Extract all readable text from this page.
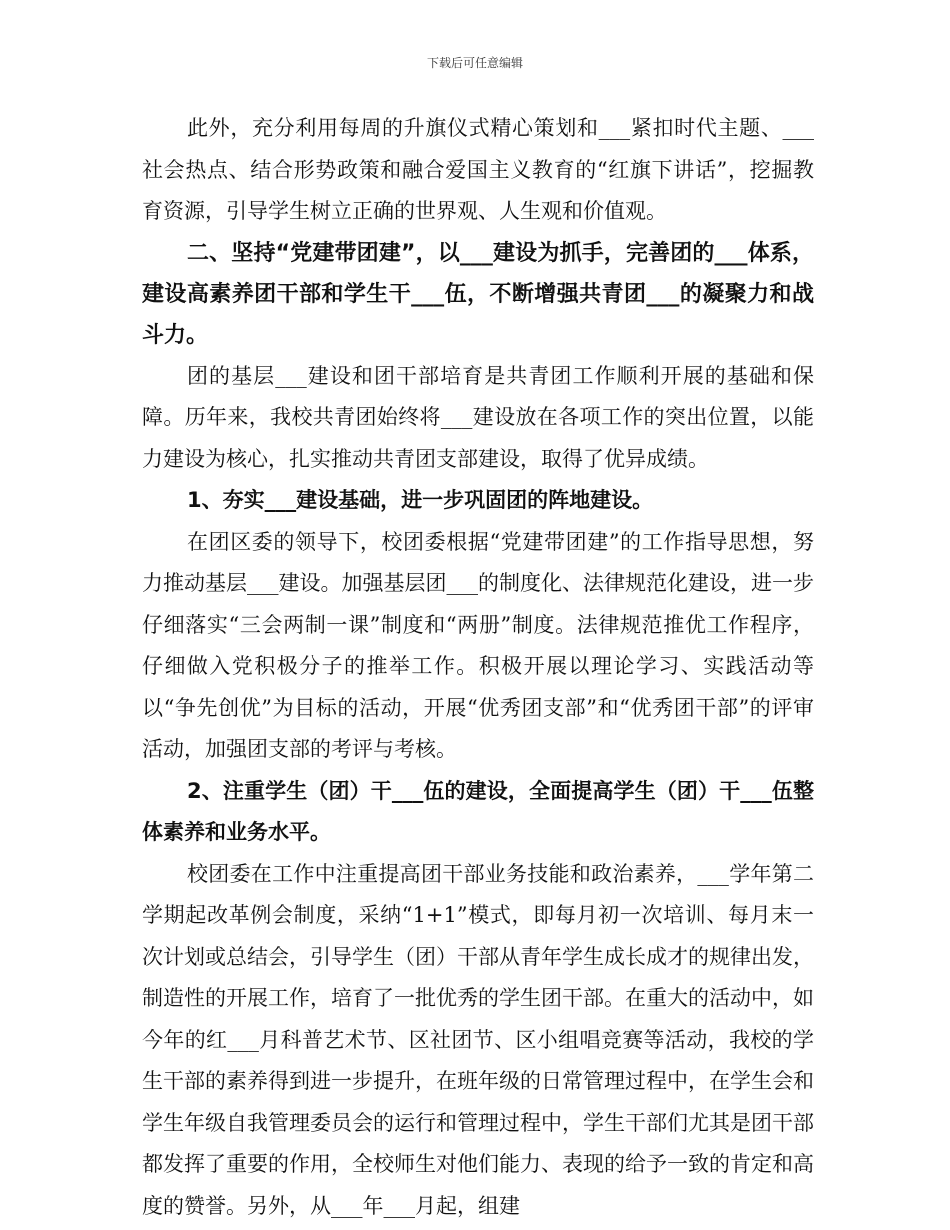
下载后可任意编辑

此外，充分利用每周的升旗仪式精心策划和___紧扣时代主题、___社会热点、结合形势政策和融合爱国主义教育的“红旗下讲话”，挖掘教育资源，引导学生树立正确的世界观、人生观和价值观。

二、坚持“党建带团建”，以___建设为抓手，完善团的___体系，建设高素养团干部和学生干___伍，不断增强共青团___的凝聚力和战斗力。

团的基层___建设和团干部培育是共青团工作顺利开展的基础和保障。历年来，我校共青团始终将___建设放在各项工作的突出位置，以能力建设为核心，扎实推动共青团支部建设，取得了优异成绩。

1、夯实___建设基础，进一步巩固团的阵地建设。

在团区委的领导下，校团委根据“党建带团建”的工作指导思想，努力推动基层___建设。加强基层团___的制度化、法律规范化建设，进一步仔细落实“三会两制一课”制度和“两册”制度。法律规范推优工作程序，仔细做入党积极分子的推举工作。积极开展以理论学习、实践活动等以“争先创优”为目标的活动，开展“优秀团支部”和“优秀团干部”的评审活动，加强团支部的考评与考核。

2、注重学生（团）干___伍的建设，全面提高学生（团）干___伍整体素养和业务水平。

校团委在工作中注重提高团干部业务技能和政治素养，___学年第二学期起改革例会制度，采纳“1+1”模式，即每月初一次培训、每月末一次计划或总结会，引导学生（团）干部从青年学生成长成才的规律出发，制造性的开展工作，培育了一批优秀的学生团干部。在重大的活动中，如今年的红___月科普艺术节、区社团节、区小组唱竞赛等活动，我校的学生干部的素养得到进一步提升，在班年级的日常管理过程中，在学生会和学生年级自我管理委员会的运行和管理过程中，学生干部们尤其是团干部都发挥了重要的作用，全校师生对他们能力、表现的给予一致的肯定和高度的赞誉。另外，从___年___月起，组建
